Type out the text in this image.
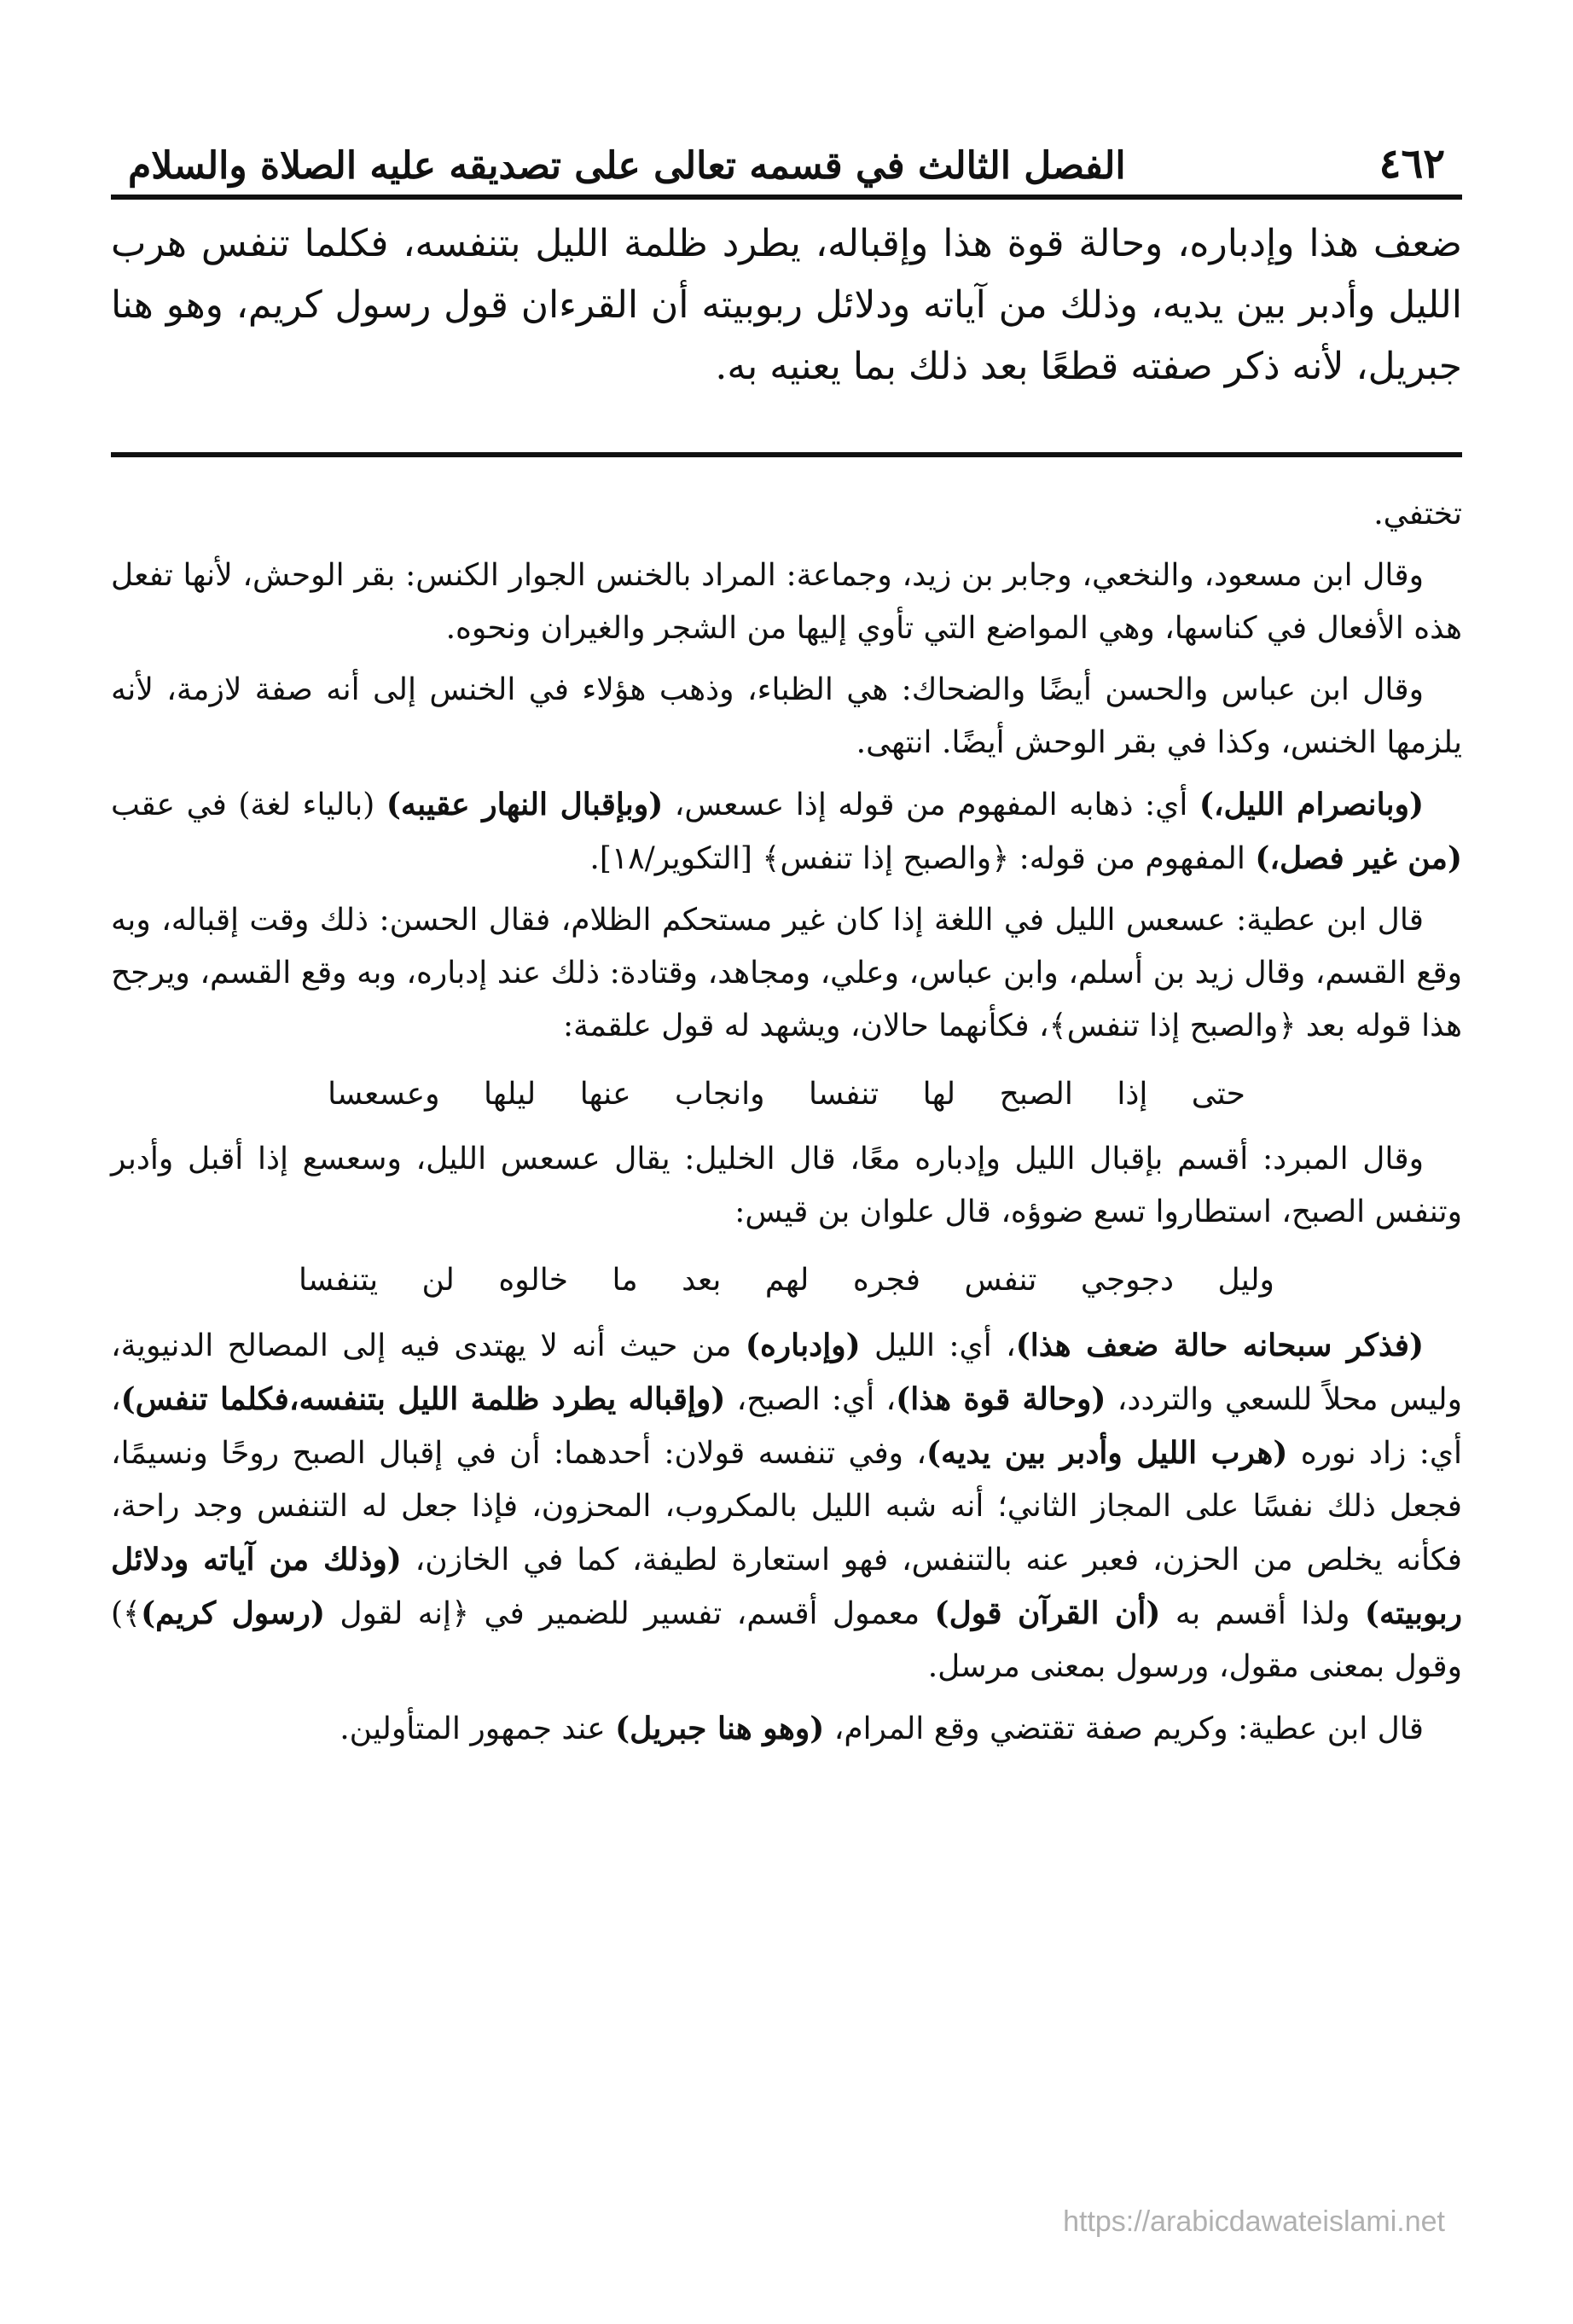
٤٦٢
الفصل الثالث في قسمه تعالى على تصديقه عليه الصلاة والسلام
ضعف هذا وإدباره، وحالة قوة هذا وإقباله، يطرد ظلمة الليل بتنفسه، فكلما تنفس هرب الليل وأدبر بين يديه، وذلك من آياته ودلائل ربوبيته أن القرءان قول رسول كريم، وهو هنا جبريل، لأنه ذكر صفته قطعًا بعد ذلك بما يعنيه به.

تختفي.

وقال ابن مسعود، والنخعي، وجابر بن زيد، وجماعة: المراد بالخنس الجوار الكنس: بقر الوحش، لأنها تفعل هذه الأفعال في كناسها، وهي المواضع التي تأوي إليها من الشجر والغيران ونحوه.

وقال ابن عباس والحسن أيضًا والضحاك: هي الظباء، وذهب هؤلاء في الخنس إلى أنه صفة لازمة، لأنه يلزمها الخنس، وكذا في بقر الوحش أيضًا. انتهى.

(وبانصرام الليل،) أي: ذهابه المفهوم من قوله إذا عسعس، (وبإقبال النهار عقيبه) (بالياء لغة) في عقب (من غير فصل،) المفهوم من قوله: ﴿والصبح إذا تنفس﴾ [التكوير/١٨].

قال ابن عطية: عسعس الليل في اللغة إذا كان غير مستحكم الظلام، فقال الحسن: ذلك وقت إقباله، وبه وقع القسم، وقال زيد بن أسلم، وابن عباس، وعلي، ومجاهد، وقتادة: ذلك عند إدباره، وبه وقع القسم، ويرجح هذا قوله بعد ﴿والصبح إذا تنفس﴾، فكأنهما حالان، ويشهد له قول علقمة:

حتى إذا الصبح لها تنفسا وانجاب عنها ليلها وعسعسا

وقال المبرد: أقسم بإقبال الليل وإدباره معًا، قال الخليل: يقال عسعس الليل، وسعسع إذا أقبل وأدبر وتنفس الصبح، استطاروا تسع ضوؤه، قال علوان بن قيس:

وليل دجوجي تنفس فجره لهم بعد ما خالوه لن يتنفسا

(فذكر سبحانه حالة ضعف هذا)، أي: الليل (وإدباره) من حيث أنه لا يهتدى فيه إلى المصالح الدنيوية، وليس محلاً للسعي والتردد، (وحالة قوة هذا)، أي: الصبح، (وإقباله يطرد ظلمة الليل بتنفسه،فكلما تنفس)، أي: زاد نوره (هرب الليل وأدبر بين يديه)، وفي تنفسه قولان: أحدهما: أن في إقبال الصبح روحًا ونسيمًا، فجعل ذلك نفسًا على المجاز الثاني؛ أنه شبه الليل بالمكروب، المحزون، فإذا جعل له التنفس وجد راحة، فكأنه يخلص من الحزن، فعبر عنه بالتنفس، فهو استعارة لطيفة، كما في الخازن، (وذلك من آياته ودلائل ربوبيته) ولذا أقسم به (أن القرآن قول) معمول أقسم، تفسير للضمير في ﴿إنه لقول (رسول كريم)﴾) وقول بمعنى مقول، ورسول بمعنى مرسل.

قال ابن عطية: وكريم صفة تقتضي وقع المرام، (وهو هنا جبريل) عند جمهور المتأولين.

https://arabicdawateislami.net
